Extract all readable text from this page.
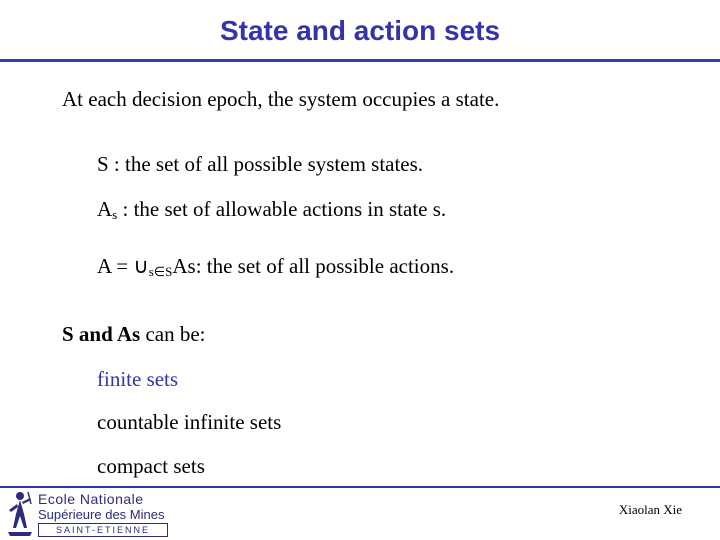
State and action sets
At each decision epoch, the system occupies a state.
S : the set of all possible system states.
$A_s$ : the set of allowable actions in state s.
$A = \cup_{s\in S}As$: the set of all possible actions.
S and As can be:
finite sets
countable infinite sets
compact sets
Ecole Nationale
Supérieure des Mines
SAINT-ETIENNE
Xiaolan Xie
